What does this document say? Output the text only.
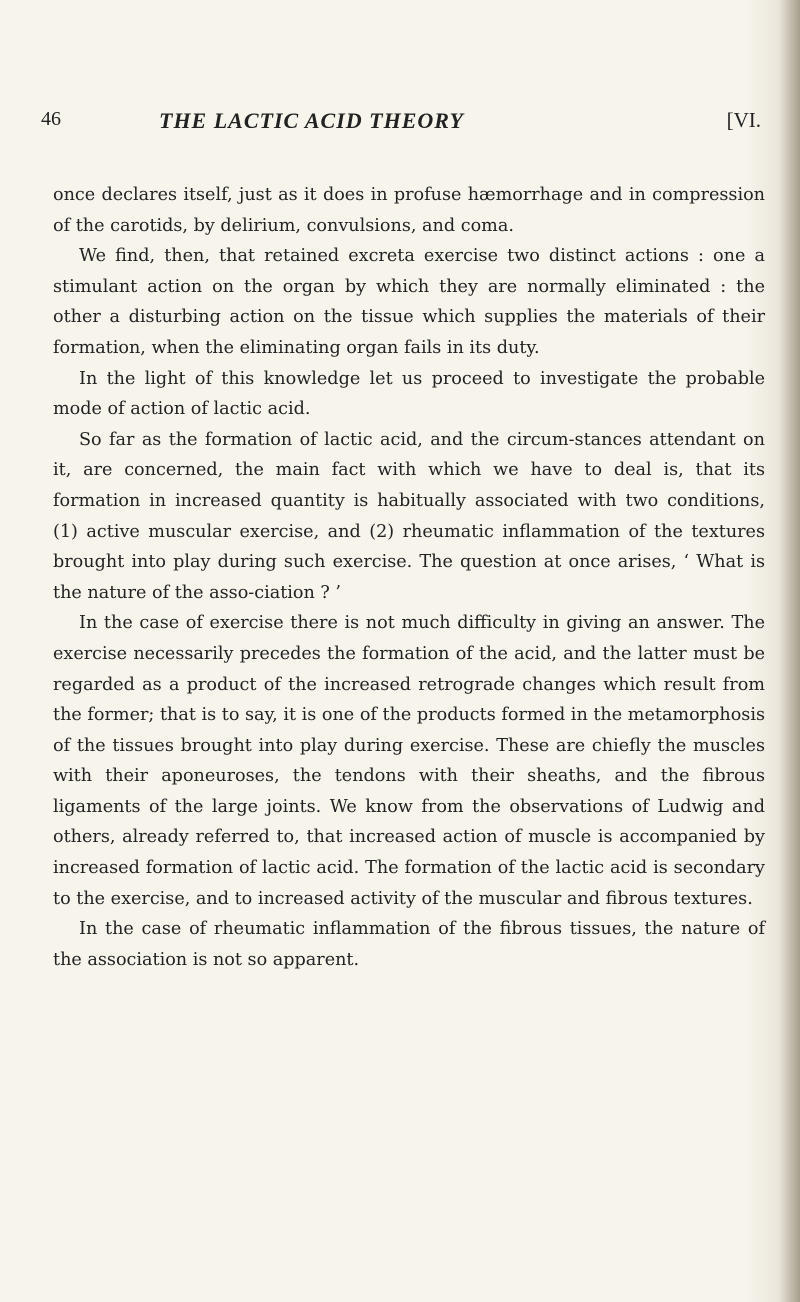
46	THE LACTIC ACID THEORY	[VI.

once declares itself, just as it does in profuse hæmorrhage and in compression of the carotids, by delirium, convulsions, and coma.

We find, then, that retained excreta exercise two distinct actions : one a stimulant action on the organ by which they are normally eliminated : the other a disturbing action on the tissue which supplies the materials of their formation, when the eliminating organ fails in its duty.

In the light of this knowledge let us proceed to investigate the probable mode of action of lactic acid.

So far as the formation of lactic acid, and the circum-stances attendant on it, are concerned, the main fact with which we have to deal is, that its formation in increased quantity is habitually associated with two conditions, (1) active muscular exercise, and (2) rheumatic inflammation of the textures brought into play during such exercise. The question at once arises, ‘ What is the nature of the asso-ciation ? ’

In the case of exercise there is not much difficulty in giving an answer. The exercise necessarily precedes the formation of the acid, and the latter must be regarded as a product of the increased retrograde changes which result from the former; that is to say, it is one of the products formed in the metamorphosis of the tissues brought into play during exercise. These are chiefly the muscles with their aponeuroses, the tendons with their sheaths, and the fibrous ligaments of the large joints. We know from the observations of Ludwig and others, already referred to, that increased action of muscle is accompanied by increased formation of lactic acid. The formation of the lactic acid is secondary to the exercise, and to increased activity of the muscular and fibrous textures.

In the case of rheumatic inflammation of the fibrous tissues, the nature of the association is not so apparent.
